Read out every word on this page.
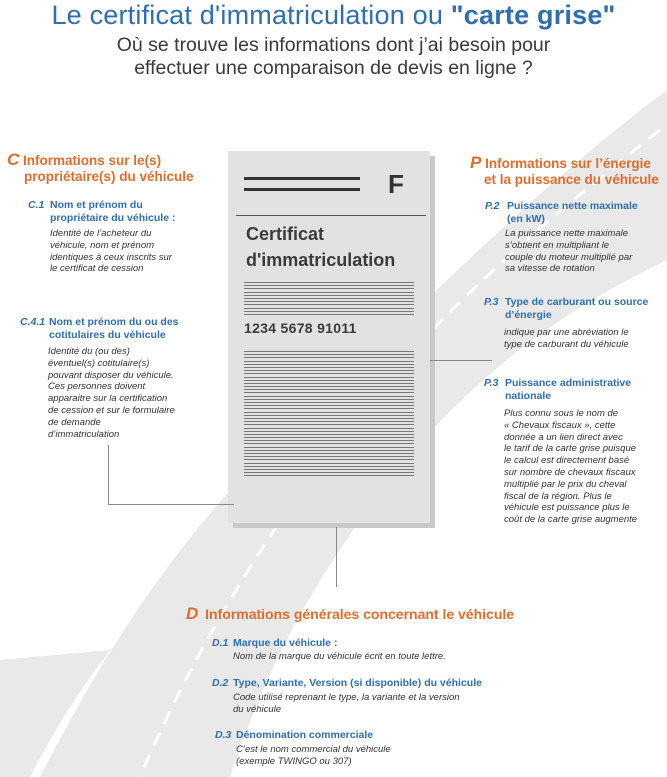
Le certificat d'immatriculation ou "carte grise"
Où se trouve les informations dont j’ai besoin pour
effectuer une comparaison de devis en ligne ?
F
Certificat
d'immatriculation
1234 5678 91011
C Informations sur le(s)
propriétaire(s) du véhicule
C.1 Nom et prénom du
propriétaire du véhicule :
Identité de l’acheteur du
véhicule, nom et prénom
identiques à ceux inscrits sur
le certificat de cession
C.4.1 Nom et prénom du ou des
cotitulaires du véhicule
Identité du (ou des)
éventuel(s) cotitulaire(s)
pouvant disposer du véhicule.
Ces personnes doivent
apparaitre sur la certification
de cession et sur le formulaire
de demande
d’immatriculation
P Informations sur l’énergie
et la puissance du véhicule
P.2 Puissance nette maximale
(en kW)
La puissance nette maximale
s’obtient en multipliant le
couple du moteur multiplié par
sa vitesse de rotation
P.3 Type de carburant ou source
d’énergie
indique par une abréviation le
type de carburant du véhicule
P.3 Puissance administrative
nationale
Plus connu sous le nom de
« Chevaux fiscaux », cette
donnée a un lien direct avec
le tarif de la carte grise puisque
le calcul est directement basé
sur nombre de chevaux fiscaux
multiplié par le prix du cheval
fiscal de la région. Plus le
véhicule est puissance plus le
coût de la carte grise augmente
D Informations générales concernant le véhicule
D.1 Marque du véhicule :
Nom de la marque du véhicule écrit en toute lettre.
D.2 Type, Variante, Version (si disponible) du véhicule
Code utilisé reprenant le type, la variante et la version
du véhicule
D.3 Dénomination commerciale
C’est le nom commercial du véhicule
(exemple TWINGO ou 307)
